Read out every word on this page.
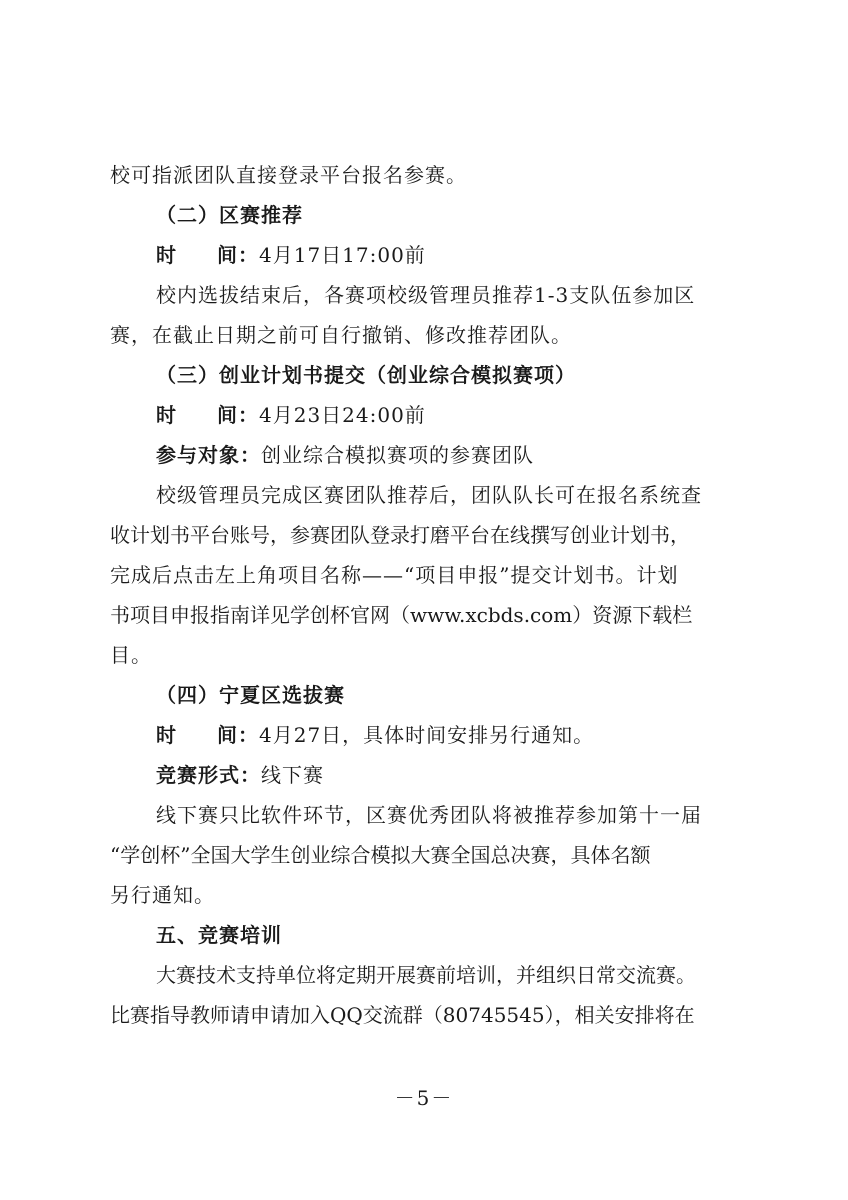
校可指派团队直接登录平台报名参赛。
（二）区赛推荐
时 间：4月17日17:00前
校内选拔结束后，各赛项校级管理员推荐1-3支队伍参加区
赛，在截止日期之前可自行撤销、修改推荐团队。
（三）创业计划书提交（创业综合模拟赛项）
时 间：4月23日24:00前
参与对象：创业综合模拟赛项的参赛团队
校级管理员完成区赛团队推荐后，团队队长可在报名系统查
收计划书平台账号，参赛团队登录打磨平台在线撰写创业计划书，
完成后点击左上角项目名称——“项目申报”提交计划书。计划
书项目申报指南详见学创杯官网（www.xcbds.com）资源下载栏
目。
（四）宁夏区选拔赛
时 间：4月27日，具体时间安排另行通知。
竞赛形式：线下赛
线下赛只比软件环节，区赛优秀团队将被推荐参加第十一届
“学创杯”全国大学生创业综合模拟大赛全国总决赛，具体名额
另行通知。
五、竞赛培训
大赛技术支持单位将定期开展赛前培训，并组织日常交流赛。
比赛指导教师请申请加入QQ交流群（80745545），相关安排将在
－5－
